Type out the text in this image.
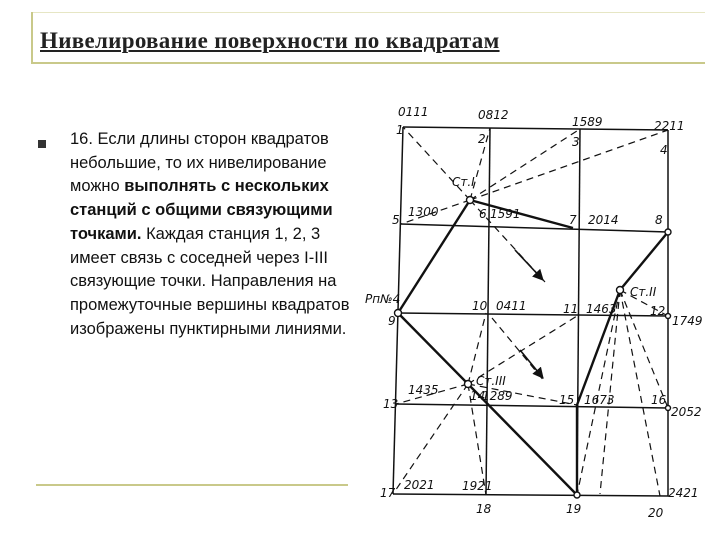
Нивелирование поверхности по квадратам
16. Если длины сторон квадратов небольшие, то их нивелирование можно выполнять с нескольких станций с общими связующими точками. Каждая станция 1, 2, 3 имеет связь с соседней через I-III связующие точки. Направления на промежуточные вершины квадратов изображены пунктирными линиями.
0111
1
0812
2
1589
3
2211
4
Ст.I
5
1300	6 1591	7 2014	8
Рп№4
9
10 0411	11 1463
Ст.II
12
1749
Ст.III
1435
13
14
1289	15 1673	16
2052
2021
17	1921
18	19
2421
20
